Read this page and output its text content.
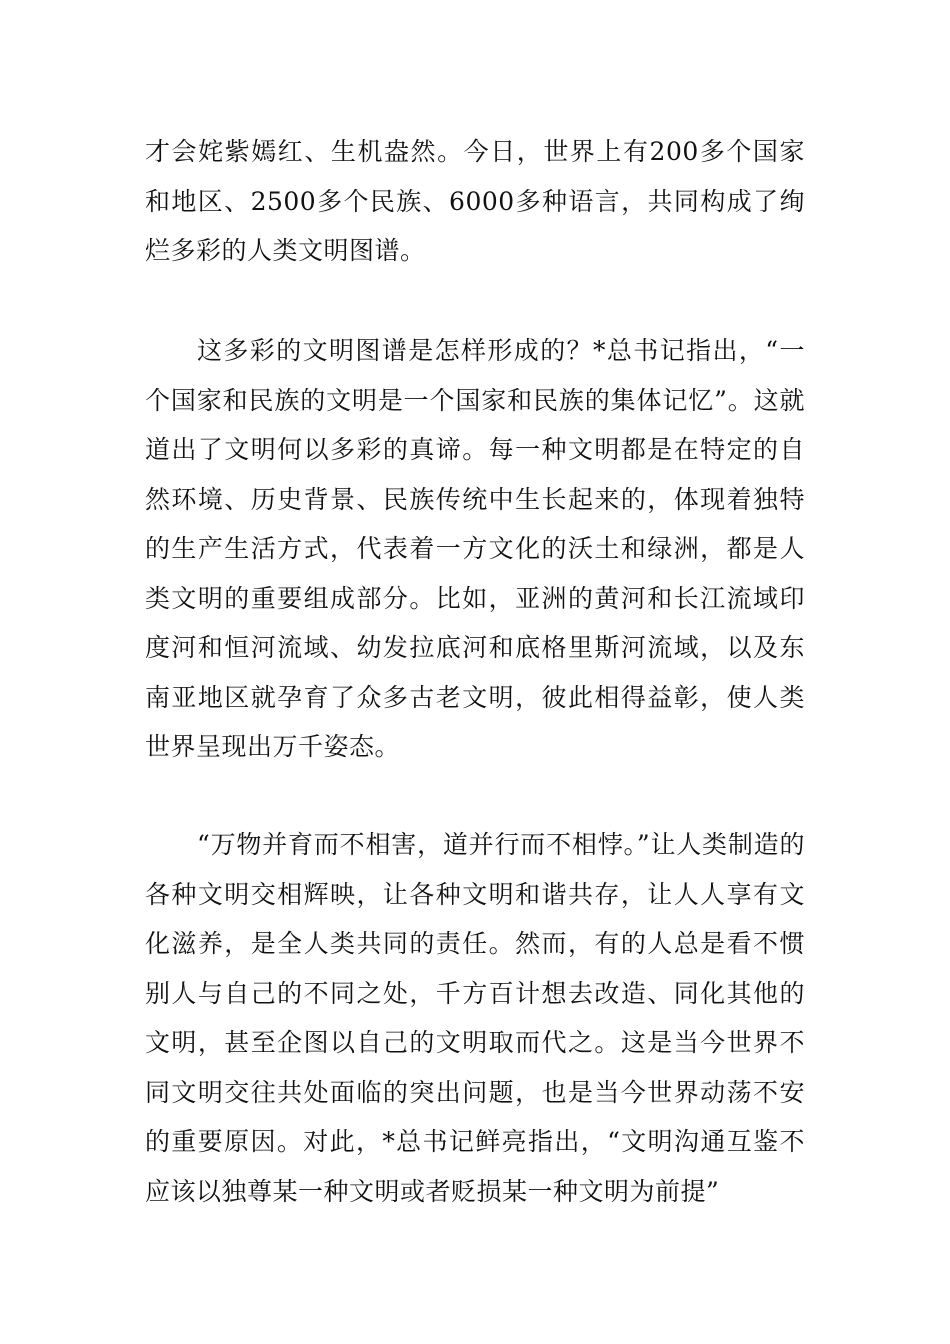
才会姹紫嫣红、生机盎然。今日，世界上有200多个国家和地区、2500多个民族、6000多种语言，共同构成了绚烂多彩的人类文明图谱。

这多彩的文明图谱是怎样形成的？*总书记指出，“一个国家和民族的文明是一个国家和民族的集体记忆”。这就道出了文明何以多彩的真谛。每一种文明都是在特定的自然环境、历史背景、民族传统中生长起来的，体现着独特的生产生活方式，代表着一方文化的沃土和绿洲，都是人类文明的重要组成部分。比如，亚洲的黄河和长江流域印度河和恒河流域、幼发拉底河和底格里斯河流域，以及东南亚地区就孕育了众多古老文明，彼此相得益彰，使人类世界呈现出万千姿态。

“万物并育而不相害，道并行而不相悖。”让人类制造的各种文明交相辉映，让各种文明和谐共存，让人人享有文化滋养，是全人类共同的责任。然而，有的人总是看不惯别人与自己的不同之处，千方百计想去改造、同化其他的文明，甚至企图以自己的文明取而代之。这是当今世界不同文明交往共处面临的突出问题，也是当今世界动荡不安的重要原因。对此，*总书记鲜亮指出，“文明沟通互鉴不应该以独尊某一种文明或者贬损某一种文明为前提”
